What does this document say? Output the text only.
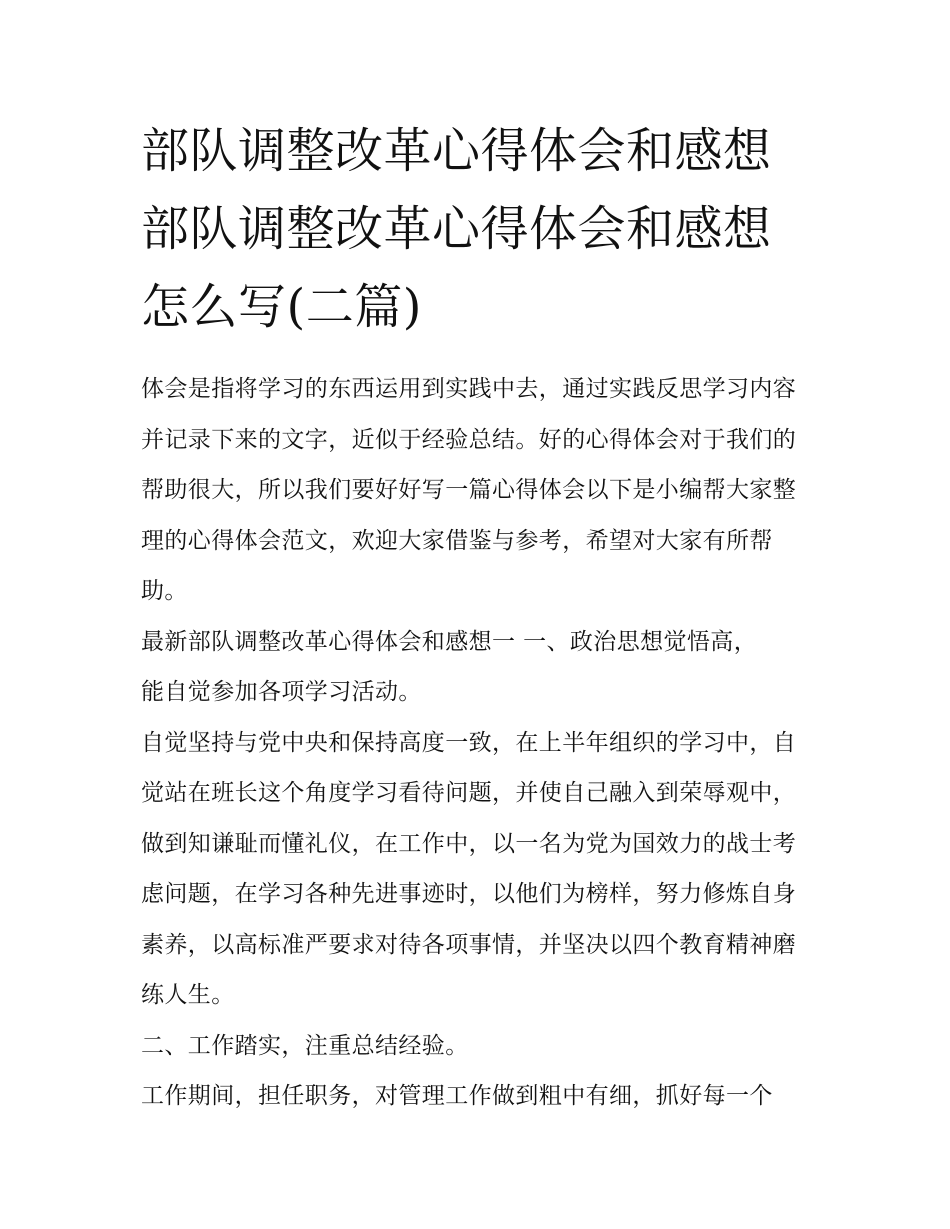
部队调整改革心得体会和感想
部队调整改革心得体会和感想
怎么写(二篇)

体会是指将学习的东西运用到实践中去，通过实践反思学习内容并记录下来的文字，近似于经验总结。好的心得体会对于我们的帮助很大，所以我们要好好写一篇心得体会以下是小编帮大家整理的心得体会范文，欢迎大家借鉴与参考，希望对大家有所帮助。

最新部队调整改革心得体会和感想一 一、政治思想觉悟高，

能自觉参加各项学习活动。

自觉坚持与党中央和保持高度一致，在上半年组织的学习中，自觉站在班长这个角度学习看待问题，并使自己融入到荣辱观中，做到知谦耻而懂礼仪，在工作中，以一名为党为国效力的战士考虑问题，在学习各种先进事迹时，以他们为榜样，努力修炼自身素养，以高标准严要求对待各项事情，并坚决以四个教育精神磨练人生。

二、工作踏实，注重总结经验。

工作期间，担任职务，对管理工作做到粗中有细，抓好每一个
